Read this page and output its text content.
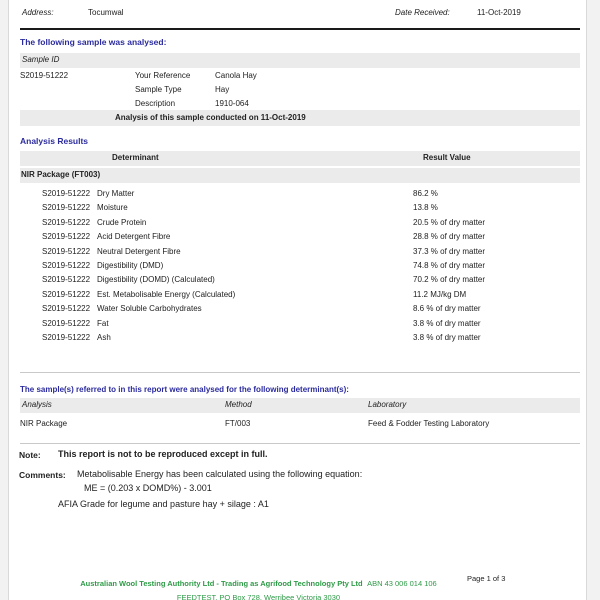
Address:	Tocumwal	Date Received:	11-Oct-2019
The following sample was analysed:
Sample ID
S2019-51222	Your Reference	Canola Hay
Sample Type	Hay
Description	1910-064
Analysis of this sample conducted on 11-Oct-2019
Analysis Results
Determinant	Result Value
NIR Package (FT003)
S2019-51222 Dry Matter	86.2 %
S2019-51222 Moisture	13.8 %
S2019-51222 Crude Protein	20.5 % of dry matter
S2019-51222 Acid Detergent Fibre	28.8 % of dry matter
S2019-51222 Neutral Detergent Fibre	37.3 % of dry matter
S2019-51222 Digestibility (DMD)	74.8 % of dry matter
S2019-51222 Digestibility (DOMD) (Calculated)	70.2 % of dry matter
S2019-51222 Est. Metabolisable Energy (Calculated)	11.2 MJ/kg DM
S2019-51222 Water Soluble Carbohydrates	8.6 % of dry matter
S2019-51222 Fat	3.8 % of dry matter
S2019-51222 Ash	3.8 % of dry matter
The sample(s) referred to in this report were analysed for the following determinant(s):
Analysis	Method	Laboratory
NIR Package	FT/003	Feed & Fodder Testing Laboratory
Note: This report is not to be reproduced except in full.
Comments: Metabolisable Energy has been calculated using the following equation:
ME = (0.203 x DOMD%) - 3.001
AFIA Grade for legume and pasture hay + silage : A1
Australian Wool Testing Authority Ltd - Trading as Agrifood Technology Pty Ltd ABN 43 006 014 106
FEEDTEST, PO Box 728, Werribee Victoria 3030
Page 1 of 3
